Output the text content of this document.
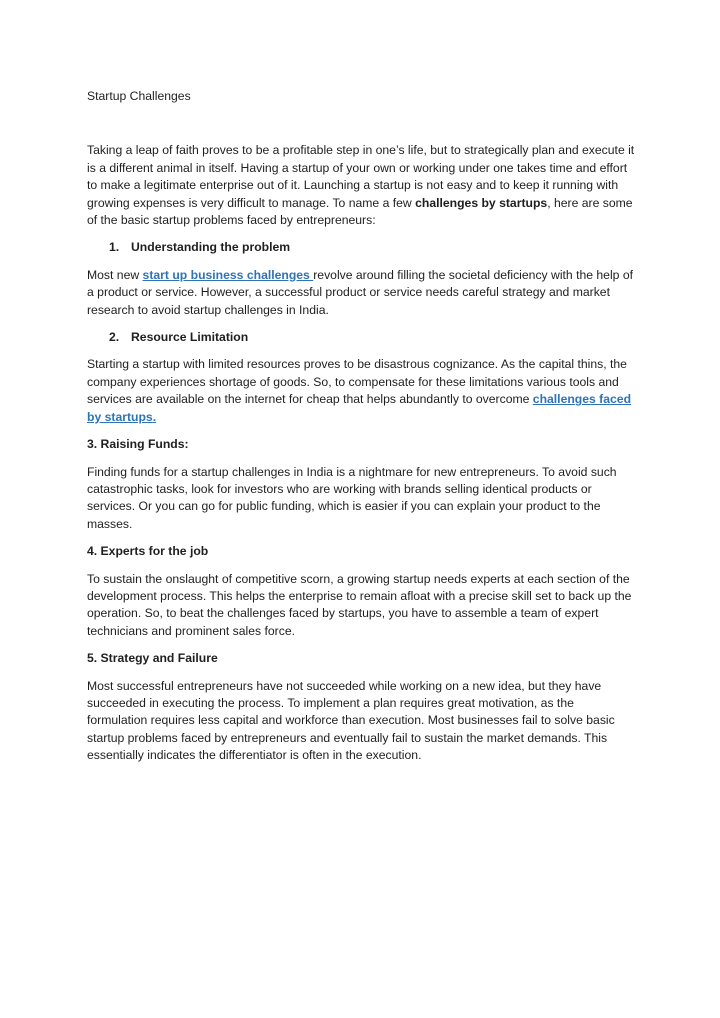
Startup Challenges

Taking a leap of faith proves to be a profitable step in one’s life, but to strategically plan and execute it is a different animal in itself. Having a startup of your own or working under one takes time and effort to make a legitimate enterprise out of it. Launching a startup is not easy and to keep it running with growing expenses is very difficult to manage. To name a few challenges by startups, here are some of the basic startup problems faced by entrepreneurs:

1. Understanding the problem

Most new start up business challenges revolve around filling the societal deficiency with the help of a product or service. However, a successful product or service needs careful strategy and market research to avoid startup challenges in India.

2. Resource Limitation

Starting a startup with limited resources proves to be disastrous cognizance. As the capital thins, the company experiences shortage of goods. So, to compensate for these limitations various tools and services are available on the internet for cheap that helps abundantly to overcome challenges faced by startups.

3. Raising Funds:

Finding funds for a startup challenges in India is a nightmare for new entrepreneurs. To avoid such catastrophic tasks, look for investors who are working with brands selling identical products or services. Or you can go for public funding, which is easier if you can explain your product to the masses.

4. Experts for the job

To sustain the onslaught of competitive scorn, a growing startup needs experts at each section of the development process. This helps the enterprise to remain afloat with a precise skill set to back up the operation. So, to beat the challenges faced by startups, you have to assemble a team of expert technicians and prominent sales force.

5. Strategy and Failure

Most successful entrepreneurs have not succeeded while working on a new idea, but they have succeeded in executing the process. To implement a plan requires great motivation, as the formulation requires less capital and workforce than execution. Most businesses fail to solve basic startup problems faced by entrepreneurs and eventually fail to sustain the market demands. This essentially indicates the differentiator is often in the execution.
